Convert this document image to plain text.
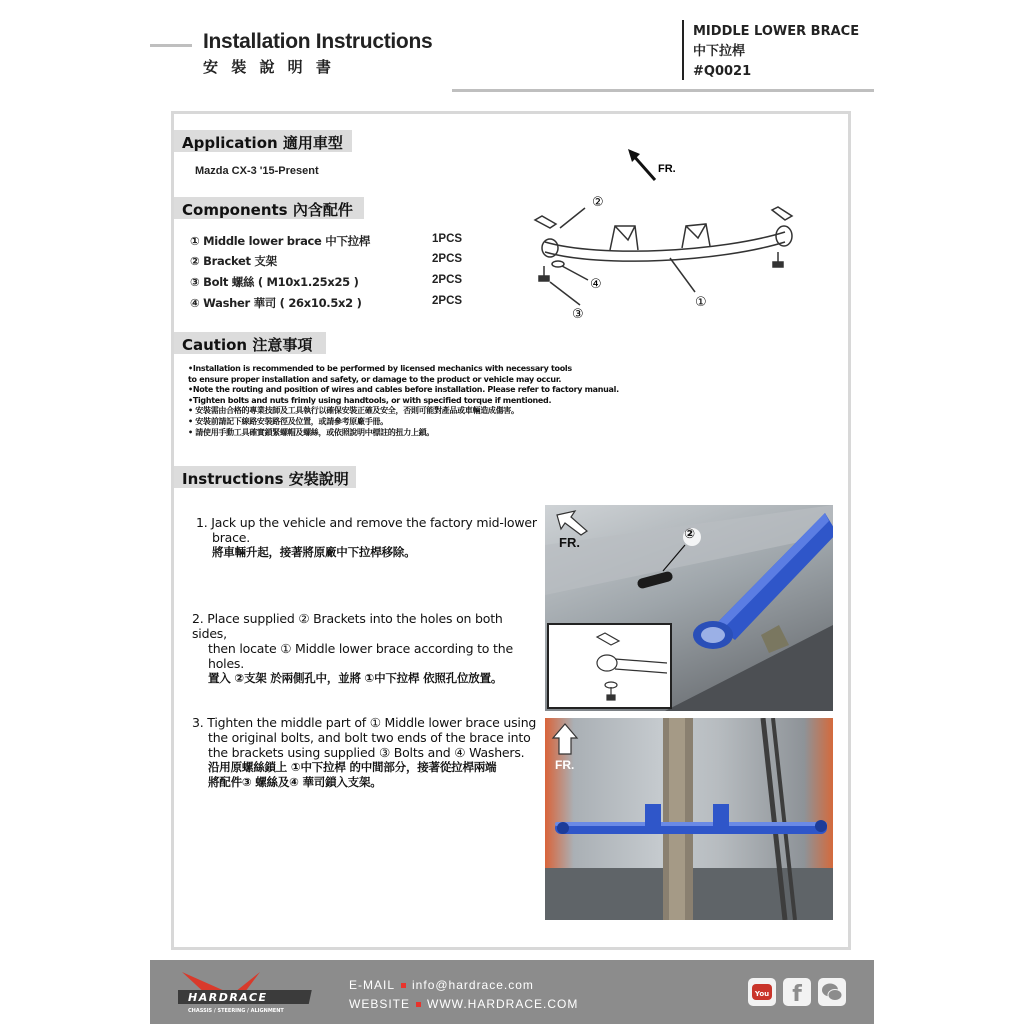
Installation Instructions
安 裝 說 明 書
MIDDLE LOWER BRACE
中下拉桿
#Q0021
Application 適用車型
Mazda CX-3 '15-Present
Components 內含配件
① Middle lower brace 中下拉桿	1PCS
② Bracket 支架	2PCS
③ Bolt 螺絲 ( M10x1.25x25 )	2PCS
④ Washer 華司 ( 26x10.5x2 )	2PCS
FR.
②
④
③
①
Caution 注意事項
•Installation is recommended to be performed by licensed mechanics with necessary tools
to ensure proper installation and safety, or damage to the product or vehicle may occur.
•Note the routing and position of wires and cables before installation. Please refer to factory manual.
•Tighten bolts and nuts frimly using handtools, or with specified torque if mentioned.
• 安裝需由合格的專業技師及工具執行以確保安裝正確及安全，否則可能對產品或車輛造成傷害。
• 安裝前請記下線路安裝路徑及位置，或請參考原廠手冊。
• 請使用手動工具確實鎖緊螺帽及螺絲，或依照說明中標註的扭力上鎖。
Instructions 安裝說明
1. Jack up the vehicle and remove the factory mid-lower
brace.
將車輛升起，接著將原廠中下拉桿移除。
2. Place supplied ② Brackets into the holes on both sides,
then locate ① Middle lower brace according to the
holes.
置入 ②支架 於兩側孔中，並將 ①中下拉桿 依照孔位放置。
3. Tighten the middle part of ① Middle lower brace using
the original bolts, and bolt two ends of the brace into
the brackets using supplied ③ Bolts and ④ Washers.
沿用原螺絲鎖上 ①中下拉桿 的中間部分，接著從拉桿兩端
將配件③ 螺絲及④ 華司鎖入支架。
FR.
②
FR.
HARDRACE
CHASSIS / STEERING / ALIGNMENT
E-MAIL info@hardrace.com
WEBSITE WWW.HARDRACE.COM
You f
